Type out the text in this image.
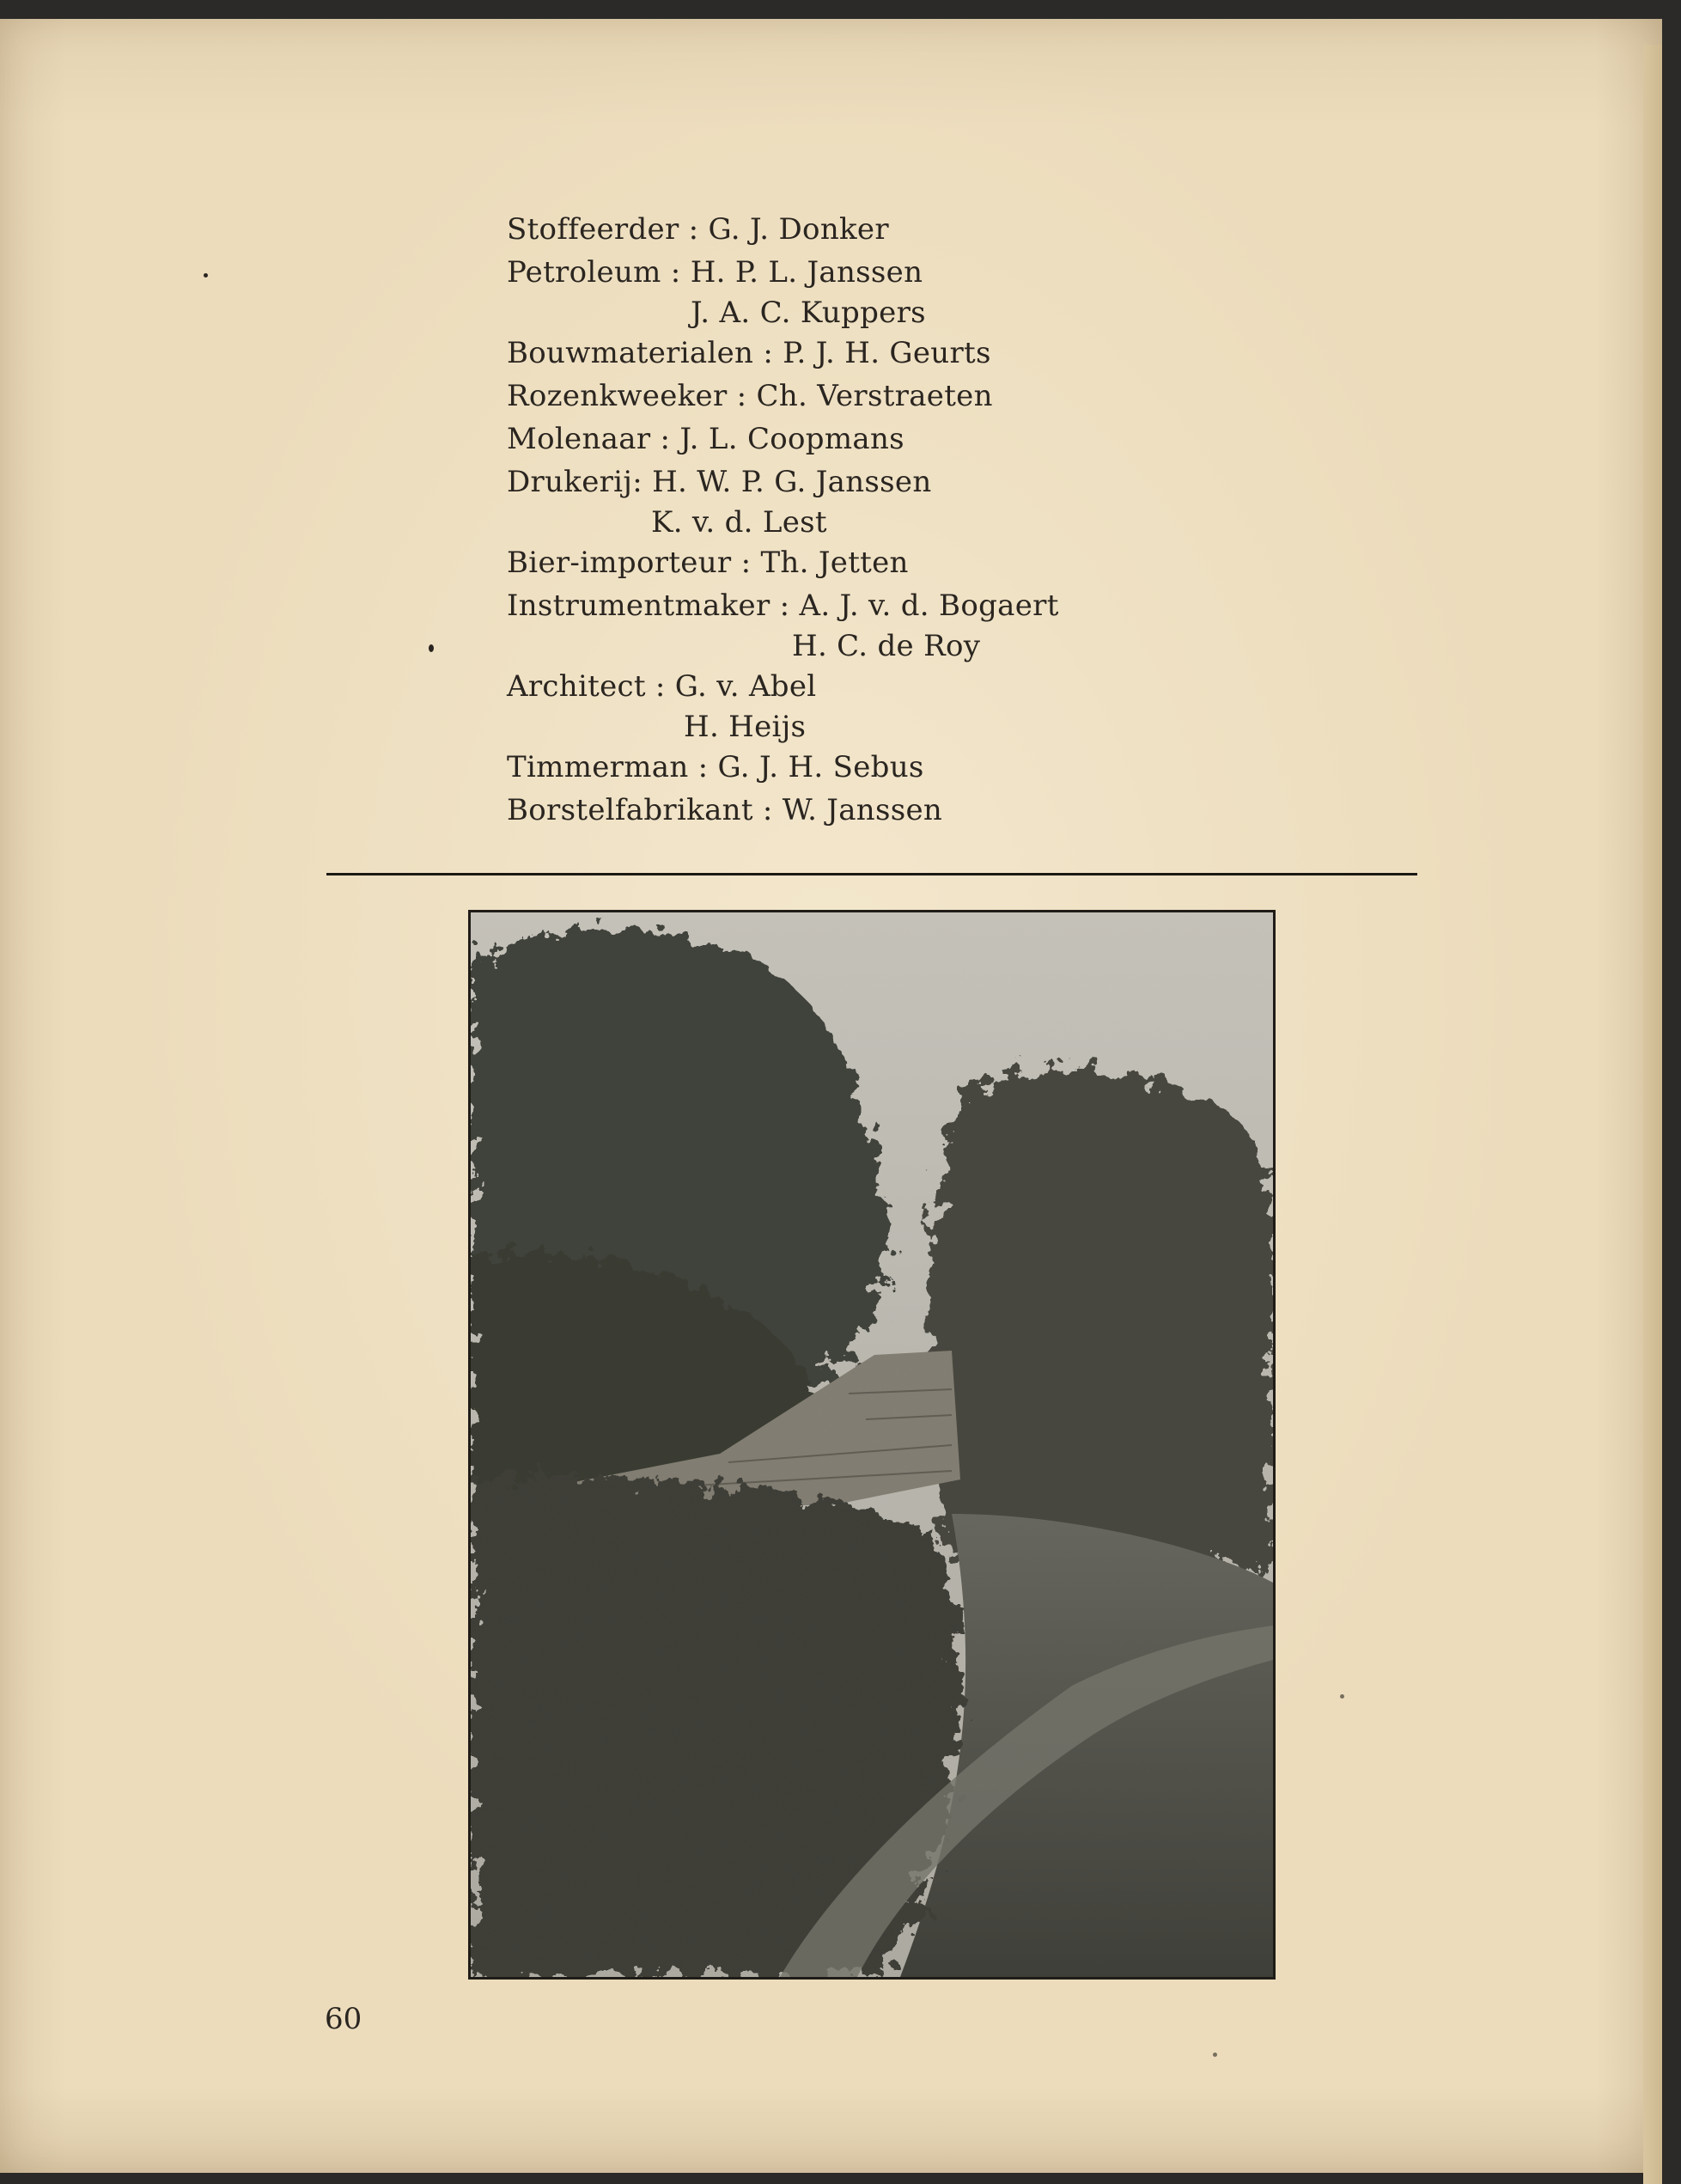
Stoffeerder : G. J. Donker
Petroleum : H. P. L. Janssen
J. A. C. Kuppers
Bouwmaterialen : P. J. H. Geurts
Rozenkweeker : Ch. Verstraeten
Molenaar : J. L. Coopmans
Drukerij: H. W. P. G. Janssen
K. v. d. Lest
Bier-importeur : Th. Jetten
Instrumentmaker : A. J. v. d. Bogaert
H. C. de Roy
Architect : G. v. Abel
H. Heijs
Timmerman : G. J. H. Sebus
Borstelfabrikant : W. Janssen
60
